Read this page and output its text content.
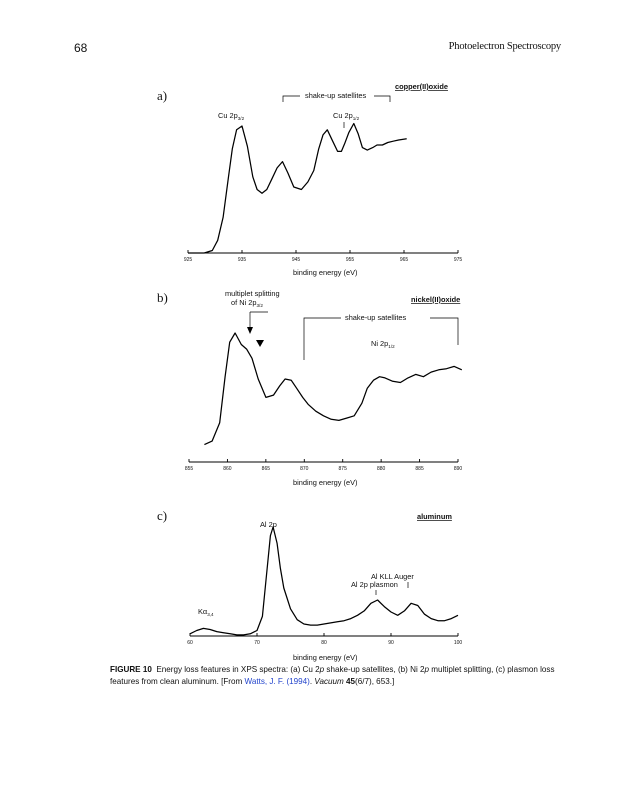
68	Photoelectron Spectroscopy
a)
copper(II)oxide
shake-up satellites
Cu $2p_{3/2}$	Cu $2p_{1/2}$
925	935	945	955	965	975
binding energy (eV)
b)	multiplet splitting
of Ni $2p_{3/2}$
nickel(II)oxide
shake-up satellites
Ni $2p_{1/2}$
855	860	865	870	875	880	885	890
binding energy (eV)
c)	aluminum
Al 2p
Al KLL Auger
Al 2p plasmon
$K\alpha_{3,4}$
60	70	80	90	100
binding energy (eV)
FIGURE 10 Energy loss features in XPS spectra: (a) Cu 2p shake-up satellites, (b) Ni 2p multiplet splitting, (c) plasmon loss features from clean aluminum. [From Watts, J. F. (1994). Vacuum 45(6/7), 653.]
